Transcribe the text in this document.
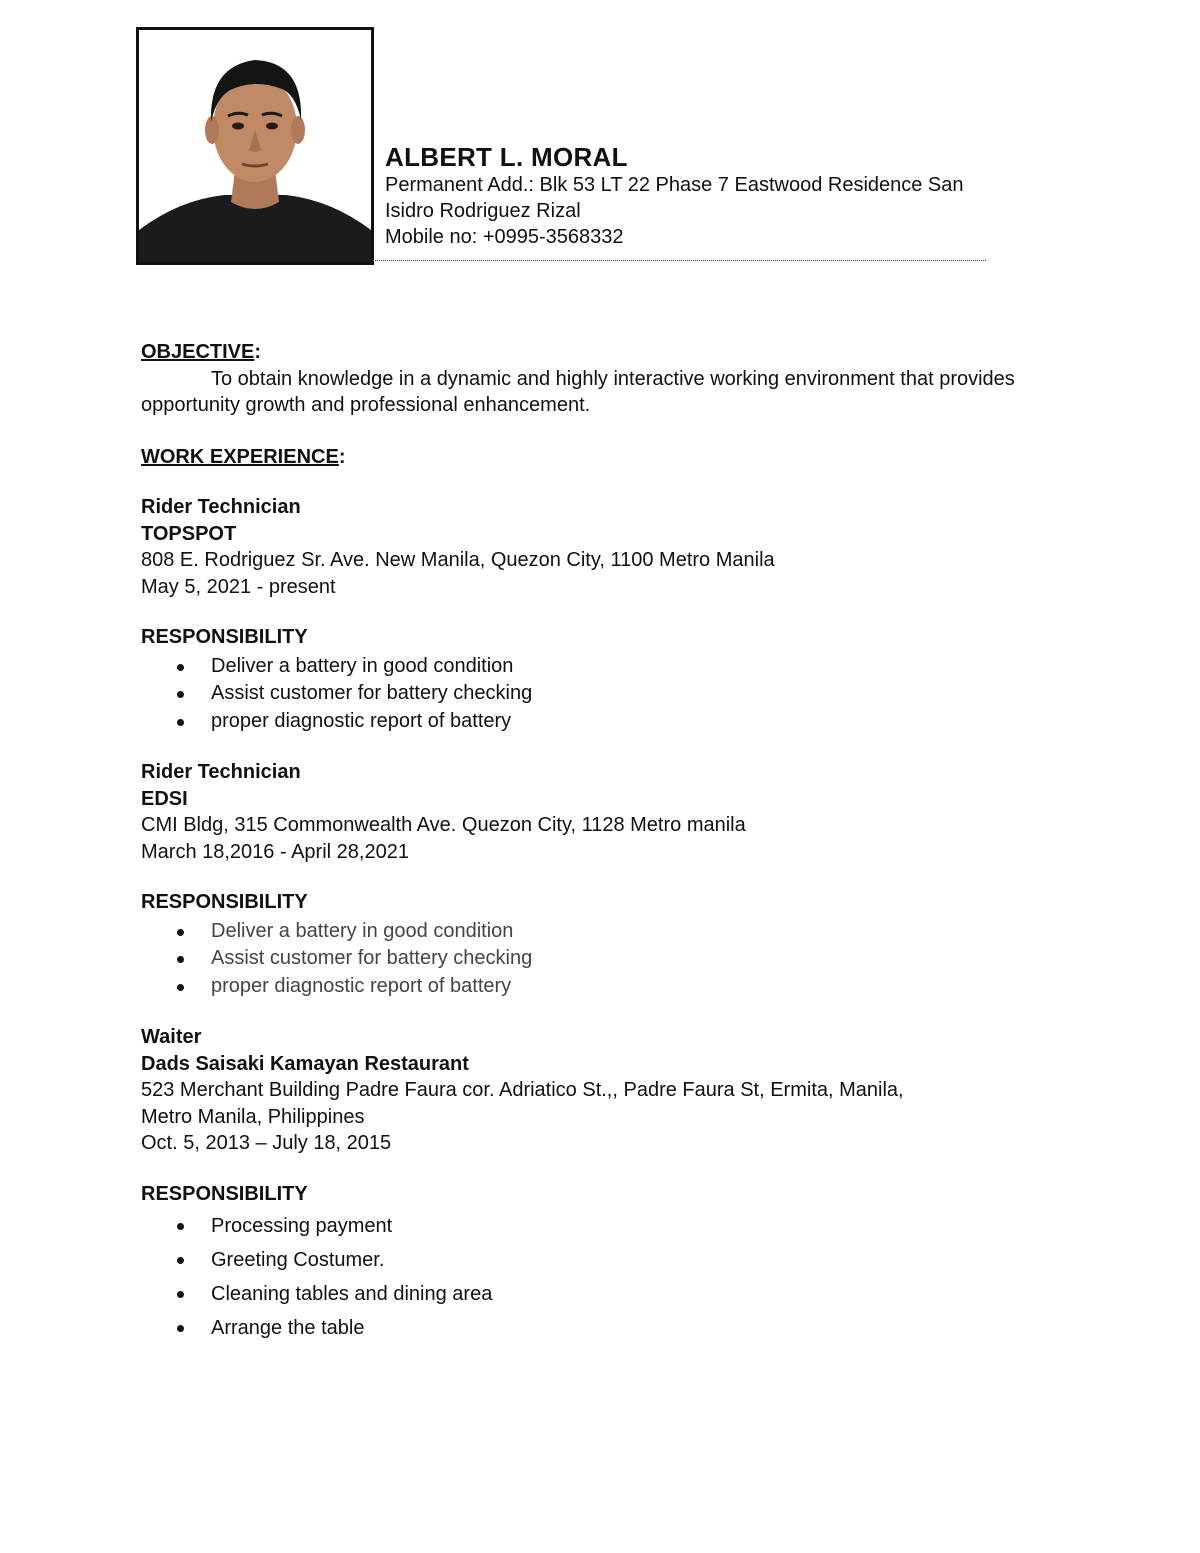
ALBERT L. MORAL

Permanent Add.: Blk 53 LT 22 Phase 7 Eastwood Residence San

Isidro Rodriguez Rizal

Mobile no: +0995-3568332

OBJECTIVE:

To obtain knowledge in a dynamic and highly interactive working environment that provides opportunity growth and professional enhancement.

WORK EXPERIENCE:

Rider Technician

TOPSPOT

808 E. Rodriguez Sr. Ave. New Manila, Quezon City, 1100 Metro Manila

May 5, 2021 - present

RESPONSIBILITY

Deliver a battery in good condition
Assist customer for battery checking
proper diagnostic report of battery

Rider Technician

EDSI

CMI Bldg, 315 Commonwealth Ave. Quezon City, 1128 Metro manila

March 18,2016 - April 28,2021

RESPONSIBILITY

Deliver a battery in good condition
Assist customer for battery checking
proper diagnostic report of battery

Waiter

Dads Saisaki Kamayan Restaurant

523 Merchant Building Padre Faura cor. Adriatico St.,, Padre Faura St, Ermita, Manila,

Metro Manila, Philippines

Oct. 5, 2013 – July 18, 2015

RESPONSIBILITY

Processing payment
Greeting Costumer.
Cleaning tables and dining area
Arrange the table
